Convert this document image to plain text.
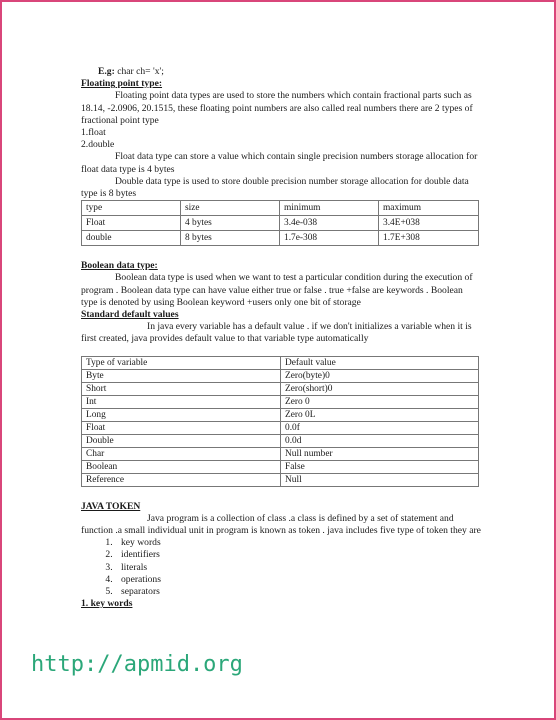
E.g: char ch= 'x';

Floating point type:

Floating point data types are used to store the numbers which contain fractional parts such as 18.14, -2.0906, 20.1515, these floating point numbers are also called real numbers there are 2 types of fractional point type

1.float

2.double

Float data type can store a value which contain single precision numbers storage allocation for float data type is 4 bytes

Double data type is used to store double precision number storage allocation for double data type is 8 bytes

type	size	minimum	maximum
Float	4 bytes	3.4e-038	3.4E+038
double	8 bytes	1.7e-308	1.7E+308

Boolean data type:

Boolean data type is used when we want to test a particular condition during the execution of program . Boolean data type can have value either true or false . true +false are keywords . Boolean type is denoted by using Boolean keyword +users only one bit of storage

Standard default values

In java every variable has a default value . if we don't initializes a variable when it is first created, java provides default value to that variable type automatically

Type of variable	Default value
Byte	Zero(byte)0
Short	Zero(short)0
Int	Zero 0
Long	Zero 0L
Float	0.0f
Double	0.0d
Char	Null number
Boolean	False
Reference	Null

JAVA TOKEN

Java program is a collection of class .a class is defined by a set of statement and function .a small individual unit in program is known as token . java includes five type of token they are

1. key words
2. identifiers
3. literals
4. operations
5. separators

1. key words

http://apmid.org
